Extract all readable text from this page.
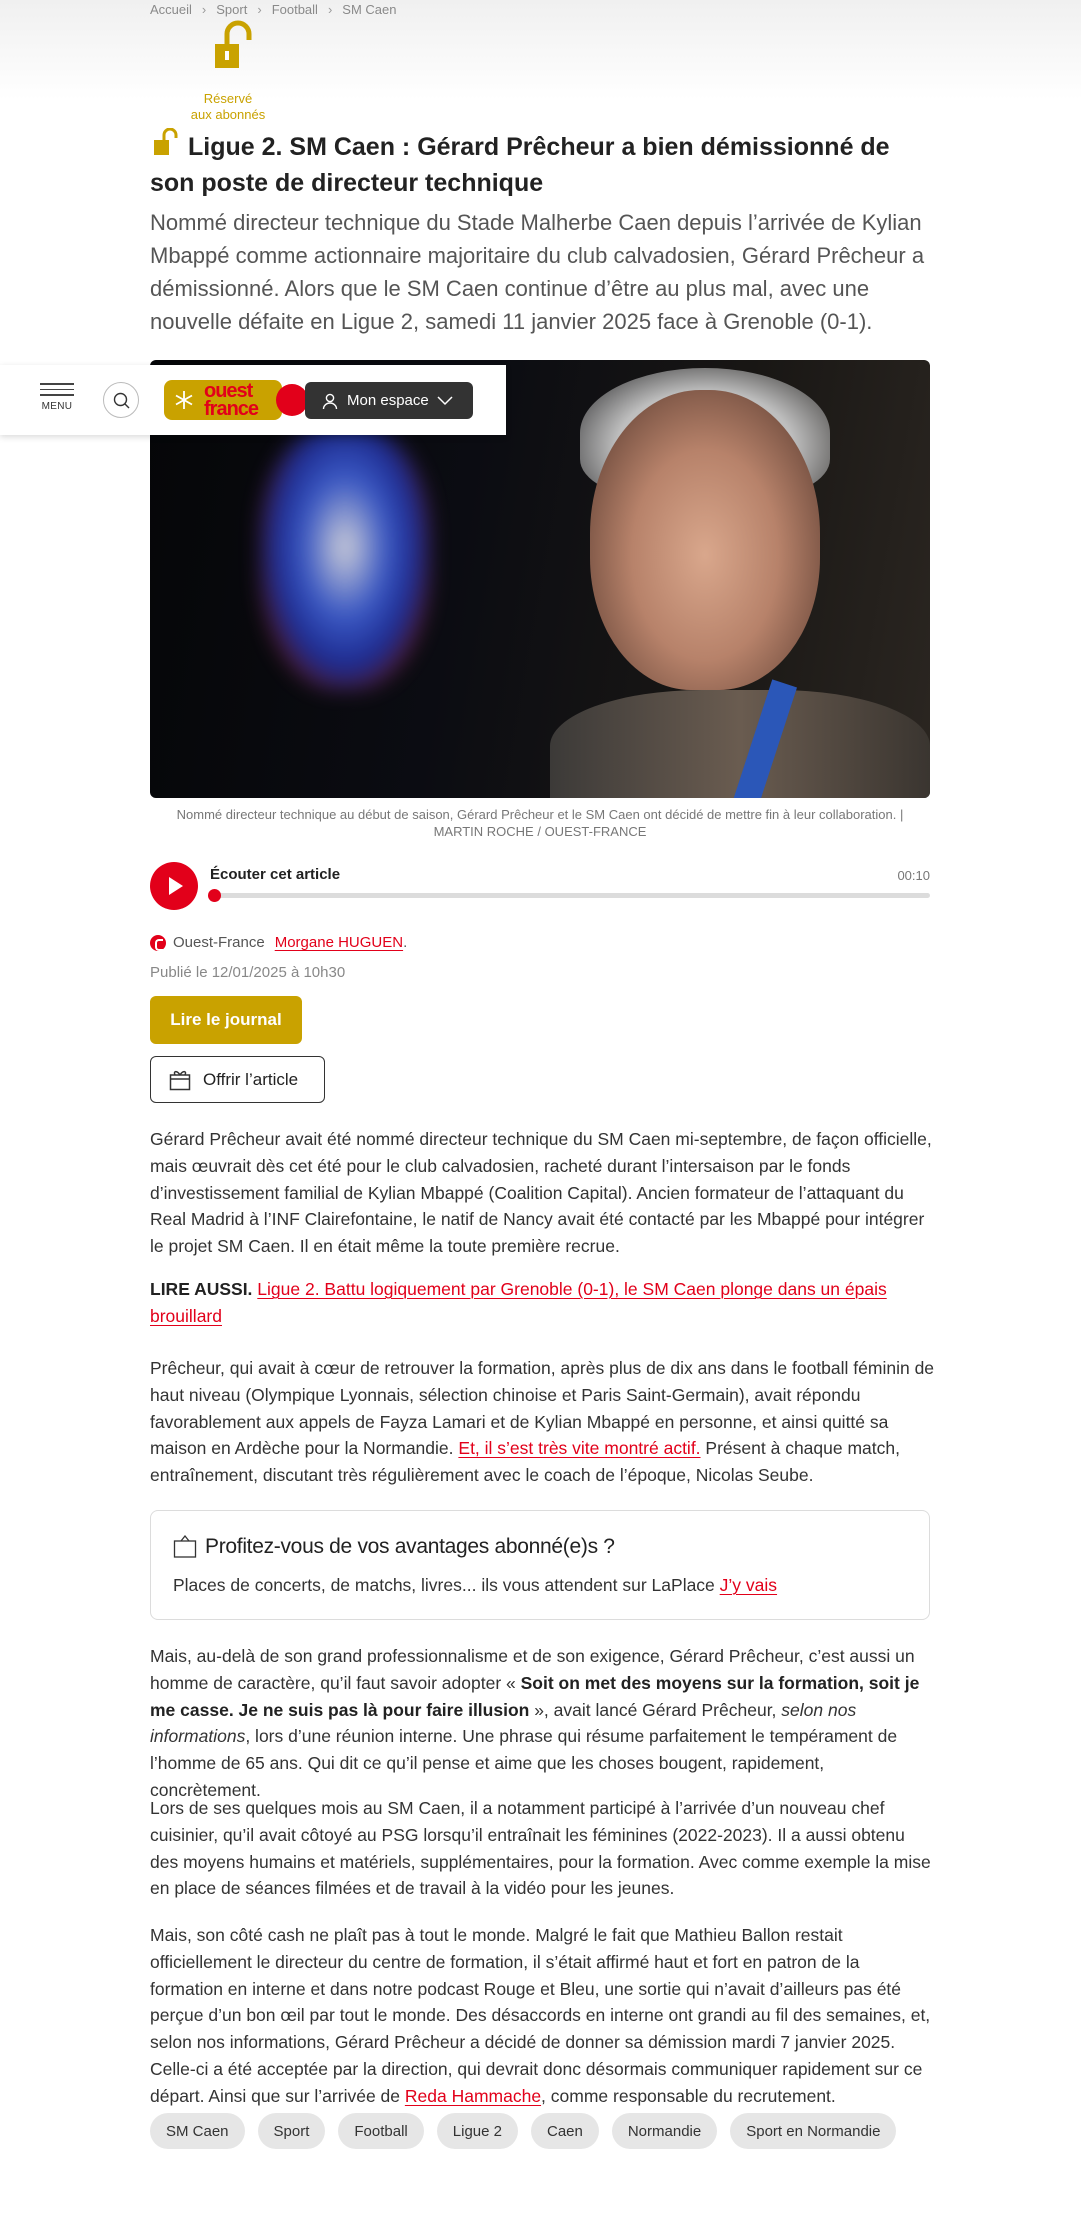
Accueil › Sport › Football › SM Caen
Réservé
aux abonnés
Ligue 2. SM Caen : Gérard Prêcheur a bien démissionné de son poste de directeur technique

Nommé directeur technique du Stade Malherbe Caen depuis l’arrivée de Kylian Mbappé comme actionnaire majoritaire du club calvadosien, Gérard Prêcheur a démissionné. Alors que le SM Caen continue d’être au plus mal, avec une nouvelle défaite en Ligue 2, samedi 11 janvier 2025 face à Grenoble (0-1).

Nommé directeur technique au début de saison, Gérard Prêcheur et le SM Caen ont décidé de mettre fin à leur collaboration. |
MARTIN ROCHE / OUEST-FRANCE
Écouter cet article	00:10
Ouest-France Morgane HUGUEN .
Publié le 12/01/2025 à 10h30
Lire le journal
Offrir l’article

Gérard Prêcheur avait été nommé directeur technique du SM Caen mi-septembre, de façon officielle, mais œuvrait dès cet été pour le club calvadosien, racheté durant l’intersaison par le fonds d’investissement familial de Kylian Mbappé (Coalition Capital). Ancien formateur de l’attaquant du Real Madrid à l’INF Clairefontaine, le natif de Nancy avait été contacté par les Mbappé pour intégrer le projet SM Caen. Il en était même la toute première recrue.

LIRE AUSSI. Ligue 2. Battu logiquement par Grenoble (0-1), le SM Caen plonge dans un épais brouillard

Prêcheur, qui avait à cœur de retrouver la formation, après plus de dix ans dans le football féminin de haut niveau (Olympique Lyonnais, sélection chinoise et Paris Saint-Germain), avait répondu favorablement aux appels de Fayza Lamari et de Kylian Mbappé en personne, et ainsi quitté sa maison en Ardèche pour la Normandie. Et, il s’est très vite montré actif. Présent à chaque match, entraînement, discutant très régulièrement avec le coach de l’époque, Nicolas Seube.

Profitez-vous de vos avantages abonné(e)s ?
Places de concerts, de matchs, livres... ils vous attendent sur LaPlace J’y vais

Mais, au-delà de son grand professionnalisme et de son exigence, Gérard Prêcheur, c’est aussi un homme de caractère, qu’il faut savoir adopter « Soit on met des moyens sur la formation, soit je me casse. Je ne suis pas là pour faire illusion », avait lancé Gérard Prêcheur, selon nos informations, lors d’une réunion interne. Une phrase qui résume parfaitement le tempérament de l’homme de 65 ans. Qui dit ce qu’il pense et aime que les choses bougent, rapidement, concrètement.

Lors de ses quelques mois au SM Caen, il a notamment participé à l’arrivée d’un nouveau chef cuisinier, qu’il avait côtoyé au PSG lorsqu’il entraînait les féminines (2022-2023). Il a aussi obtenu des moyens humains et matériels, supplémentaires, pour la formation. Avec comme exemple la mise en place de séances filmées et de travail à la vidéo pour les jeunes.

Mais, son côté cash ne plaît pas à tout le monde. Malgré le fait que Mathieu Ballon restait officiellement le directeur du centre de formation, il s’était affirmé haut et fort en patron de la formation en interne et dans notre podcast Rouge et Bleu, une sortie qui n’avait d’ailleurs pas été perçue d’un bon œil par tout le monde. Des désaccords en interne ont grandi au fil des semaines, et, selon nos informations, Gérard Prêcheur a décidé de donner sa démission mardi 7 janvier 2025. Celle-ci a été acceptée par la direction, qui devrait donc désormais communiquer rapidement sur ce départ. Ainsi que sur l’arrivée de Reda Hammache, comme responsable du recrutement.

SM Caen	Sport	Football	Ligue 2	Caen	Normandie	Sport en Normandie
MENU
ouest
france	Mon espace
